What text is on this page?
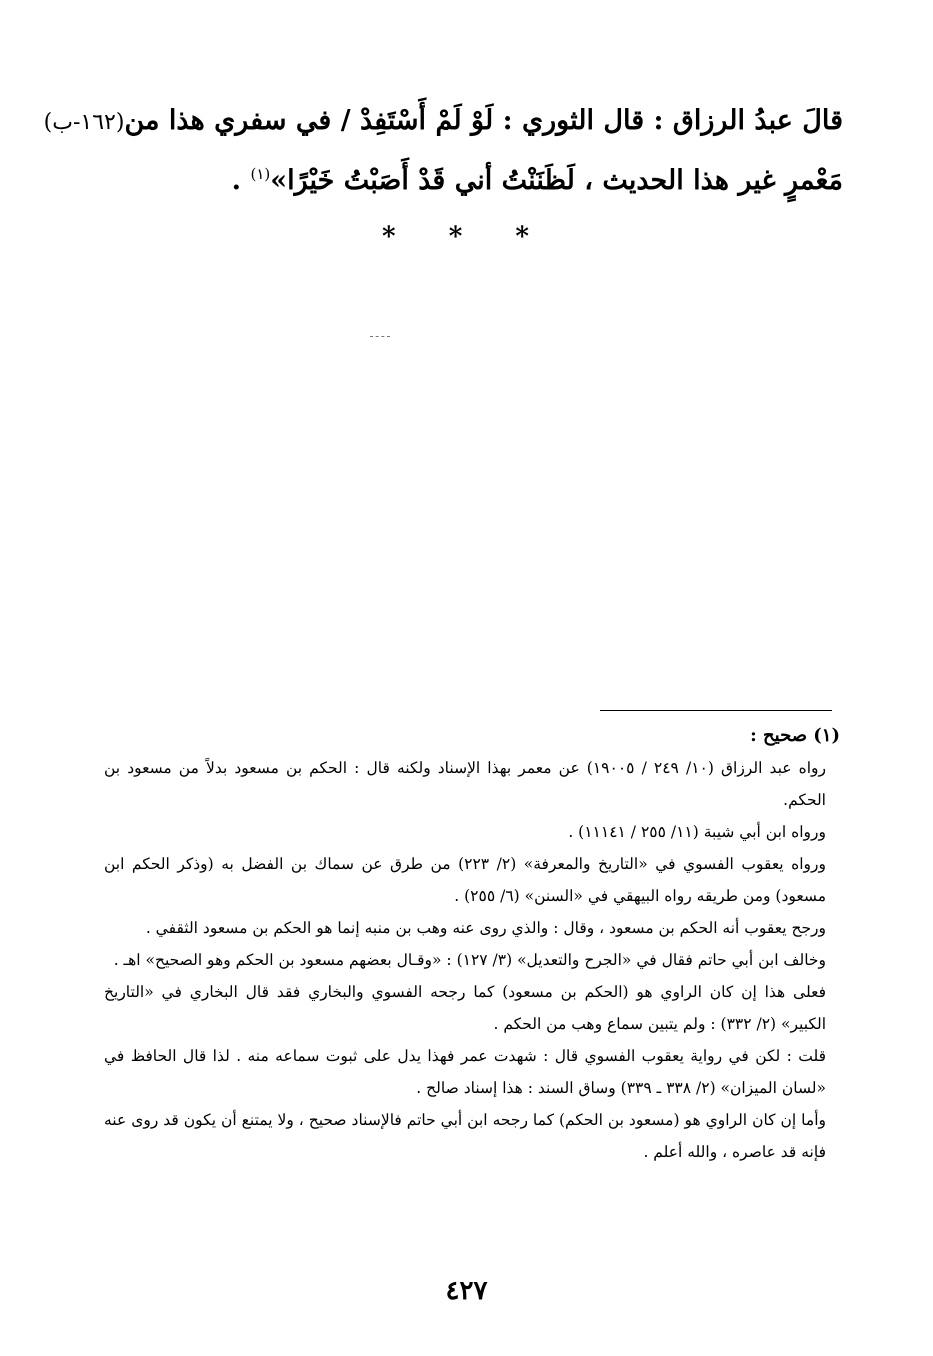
قالَ عبدُ الرزاق : قال الثوري : لَوْ لَمْ أَسْتَفِدْ / في سفري هذا من(١٦٢-ب)

مَعْمرٍ غير هذا الحديث ، لَظَنَنْتُ أني قَدْ أَصَبْتُ خَيْرًا»$^{(١)}$ .

* * *

(١) صحيح :

رواه عبد الرزاق (١٠/ ٢٤٩ / ١٩٠٠٥) عن معمر بهذا الإسناد ولكنه قال : الحكم بن مسعود بدلاً من مسعود بن الحكم.

ورواه ابن أبي شيبة (١١/ ٢٥٥ / ١١١٤١) .

ورواه يعقوب الفسوي في «التاريخ والمعرفة» (٢/ ٢٢٣) من طرق عن سماك بن الفضل به (وذكر الحكم ابن مسعود) ومن طريقه رواه البيهقي في «السنن» (٦/ ٢٥٥) .

ورجح يعقوب أنه الحكم بن مسعود ، وقال : والذي روى عنه وهب بن منبه إنما هو الحكم بن مسعود الثقفي .

وخالف ابن أبي حاتم فقال في «الجرح والتعديل» (٣/ ١٢٧) : «وقـال بعضهم مسعود بن الحكم وهو الصحيح» اهـ .

فعلى هذا إن كان الراوي هو (الحكم بن مسعود) كما رجحه الفسوي والبخاري فقد قال البخاري في «التاريخ الكبير» (٢/ ٣٣٢) : ولم يتبين سماع وهب من الحكم .

قلت : لكن في رواية يعقوب الفسوي قال : شهدت عمر فهذا يدل على ثبوت سماعه منه . لذا قال الحافظ في «لسان الميزان» (٢/ ٣٣٨ ـ ٣٣٩) وساق السند : هذا إسناد صالح .

وأما إن كان الراوي هو (مسعود بن الحكم) كما رجحه ابن أبي حاتم فالإسناد صحيح ، ولا يمتنع أن يكون قد روى عنه فإنه قد عاصره ، والله أعلم .

٤٢٧
